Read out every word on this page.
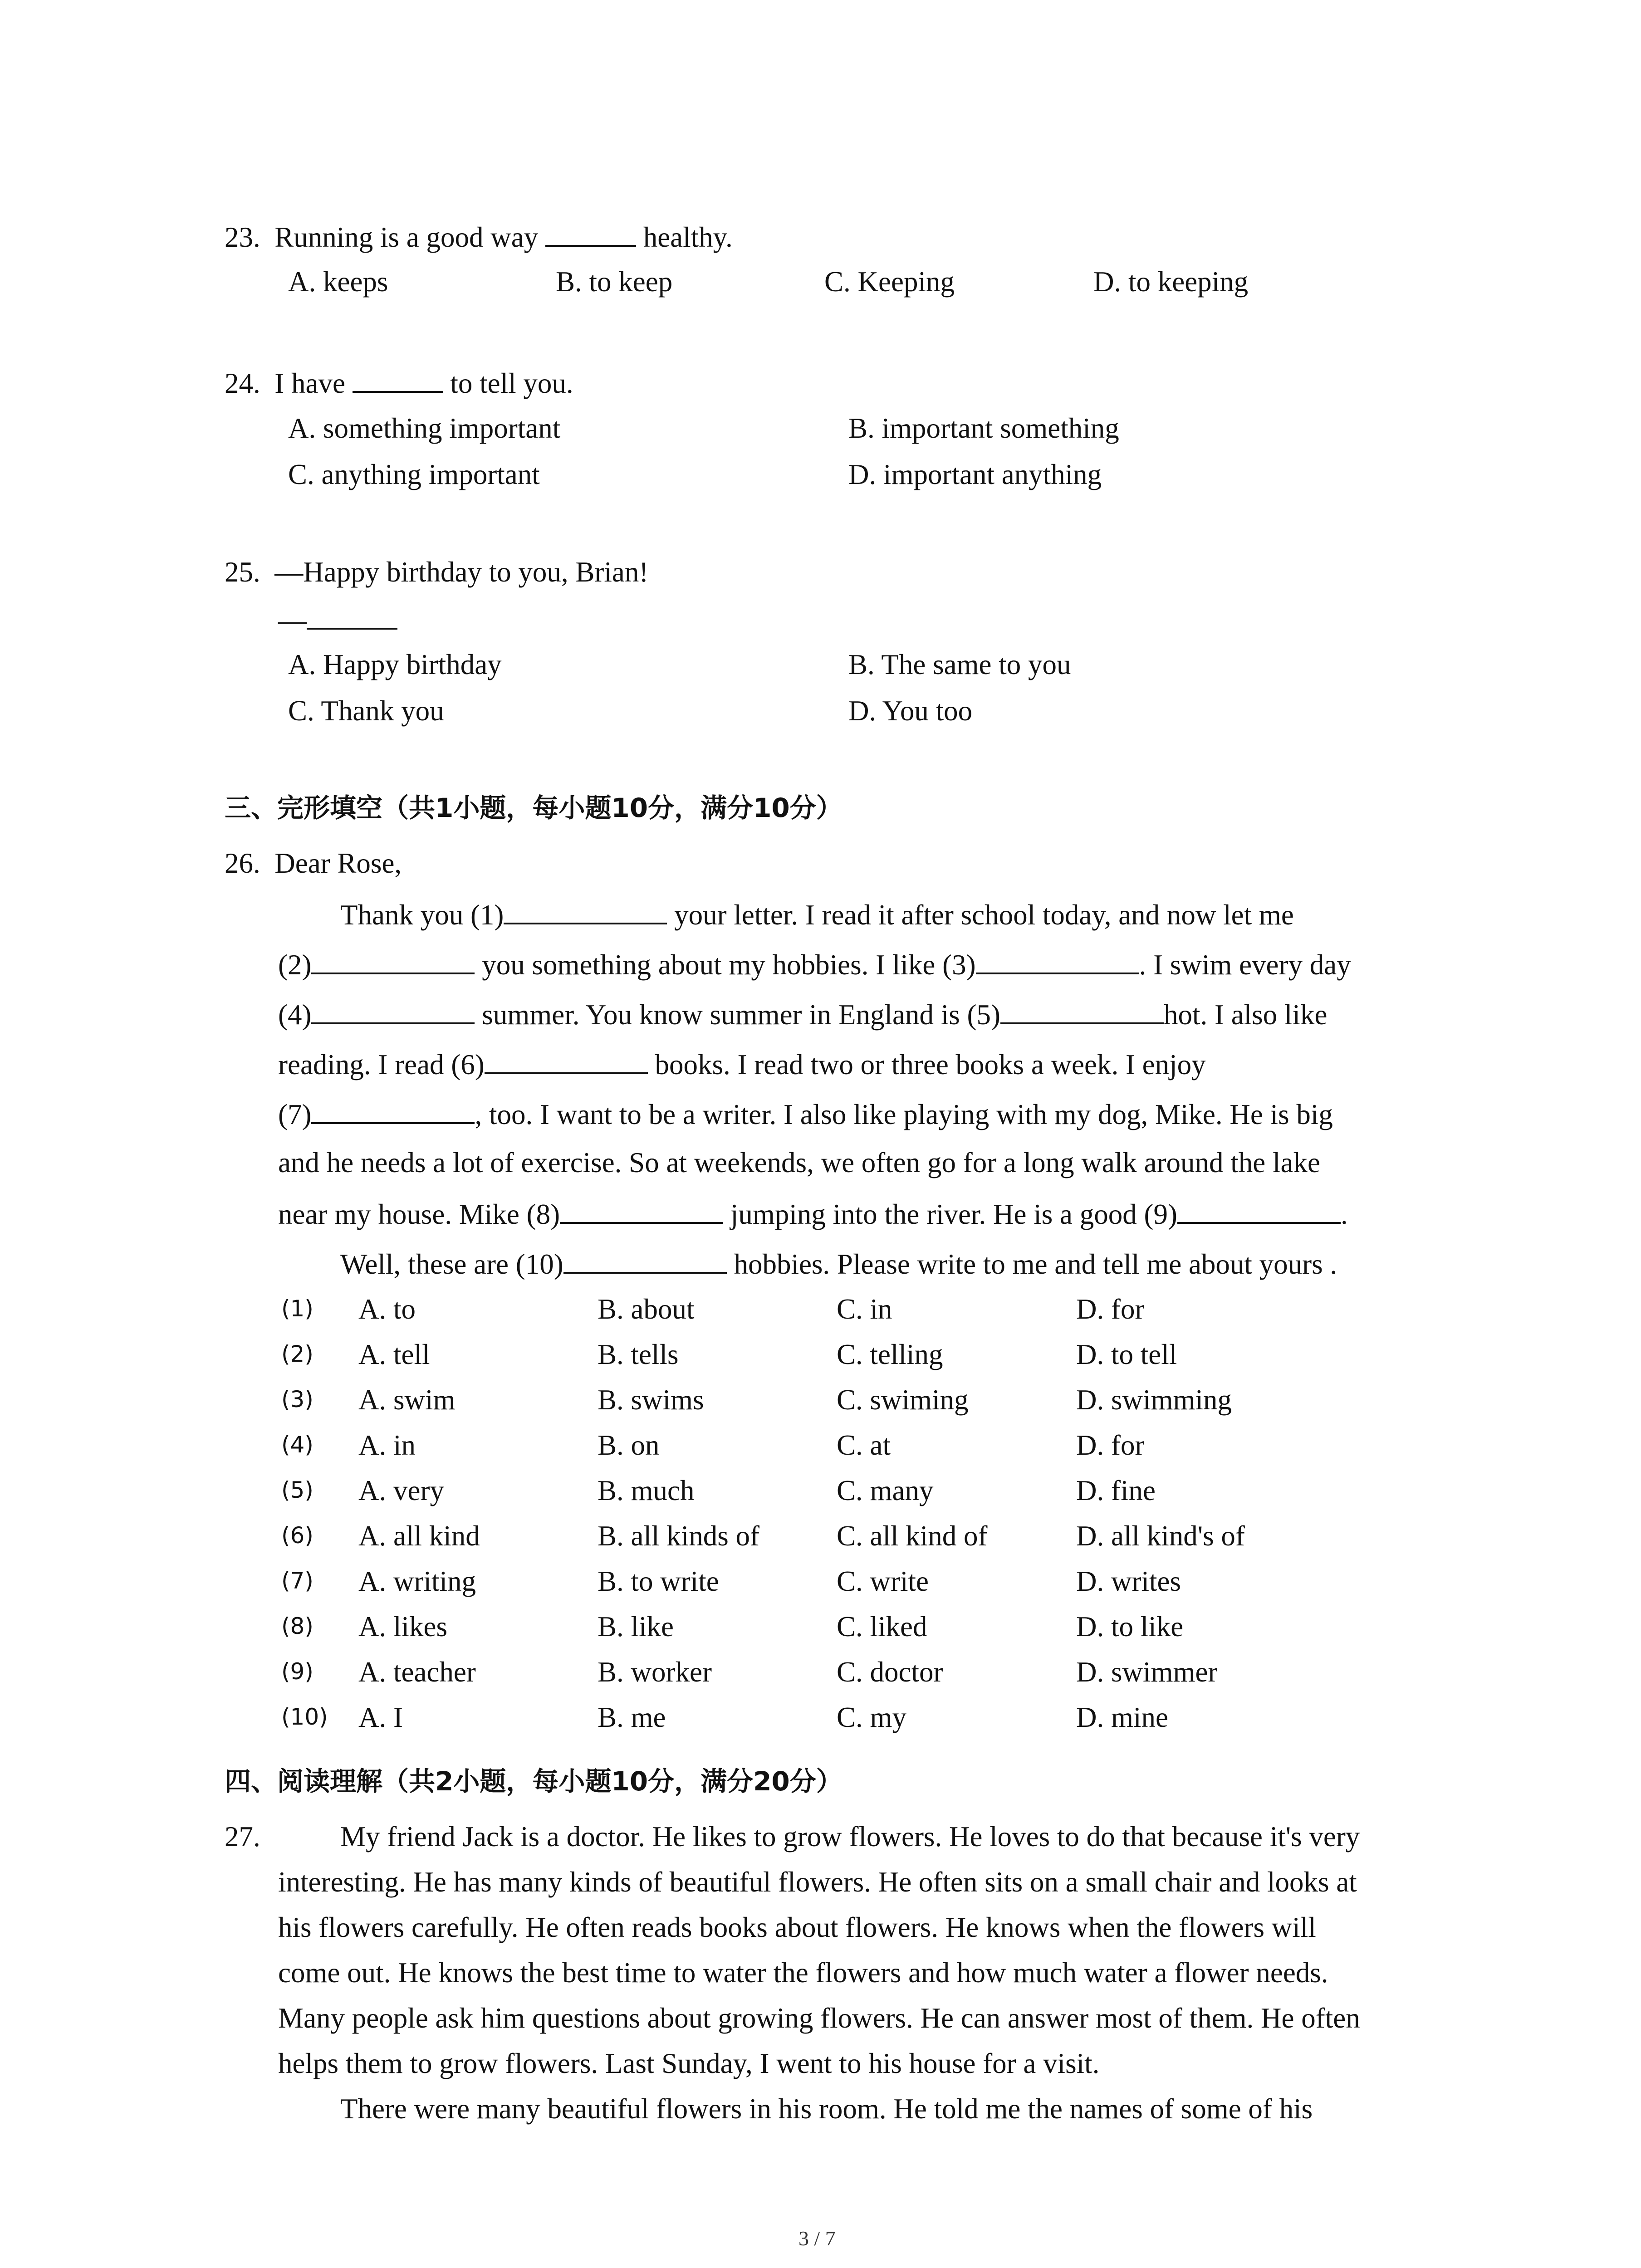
23. Running is a good way	healthy.
A. keeps	B. to keep	C. Keeping	D. to keeping
24. I have	to tell you.
A. something important	B. important something
C. anything important	D. important anything
25. —Happy birthday to you, Brian!
—
A. Happy birthday	B. The same to you
C. Thank you	D. You too
三、完形填空（共1小题，每小题10分，满分10分）
26. Dear Rose,
Thank you (1)	your letter. I read it after school today, and now let me
(2)	you something about my hobbies. I like (3)	. I swim every day
(4)	summer. You know summer in England is (5)	hot. I also like
reading. I read (6)	books. I read two or three books a week. I enjoy
(7)	, too. I want to be a writer. I also like playing with my dog, Mike. He is big
and he needs a lot of exercise. So at weekends, we often go for a long walk around the lake
near my house. Mike (8)	jumping into the river. He is a good (9)	.
Well, these are (10)	hobbies. Please write to me and tell me about yours .
(1) A. to	B. about	C. in	D. for
(2) A. tell	B. tells	C. telling	D. to tell
(3) A. swim	B. swims	C. swiming	D. swimming
(4) A. in	B. on	C. at	D. for
(5) A. very	B. much	C. many	D. fine
(6) A. all kind	B. all kinds of	C. all kind of	D. all kind's of
(7) A. writing	B. to write	C. write	D. writes
(8) A. likes	B. like	C. liked	D. to like
(9) A. teacher	B. worker	C. doctor	D. swimmer
(10) A. I	B. me	C. my	D. mine
四、阅读理解（共2小题，每小题10分，满分20分）
27.	My friend Jack is a doctor. He likes to grow flowers. He loves to do that because it's very
interesting. He has many kinds of beautiful flowers. He often sits on a small chair and looks at
his flowers carefully. He often reads books about flowers. He knows when the flowers will
come out. He knows the best time to water the flowers and how much water a flower needs.
Many people ask him questions about growing flowers. He can answer most of them. He often
helps them to grow flowers. Last Sunday, I went to his house for a visit.
There were many beautiful flowers in his room. He told me the names of some of his
3 / 7
